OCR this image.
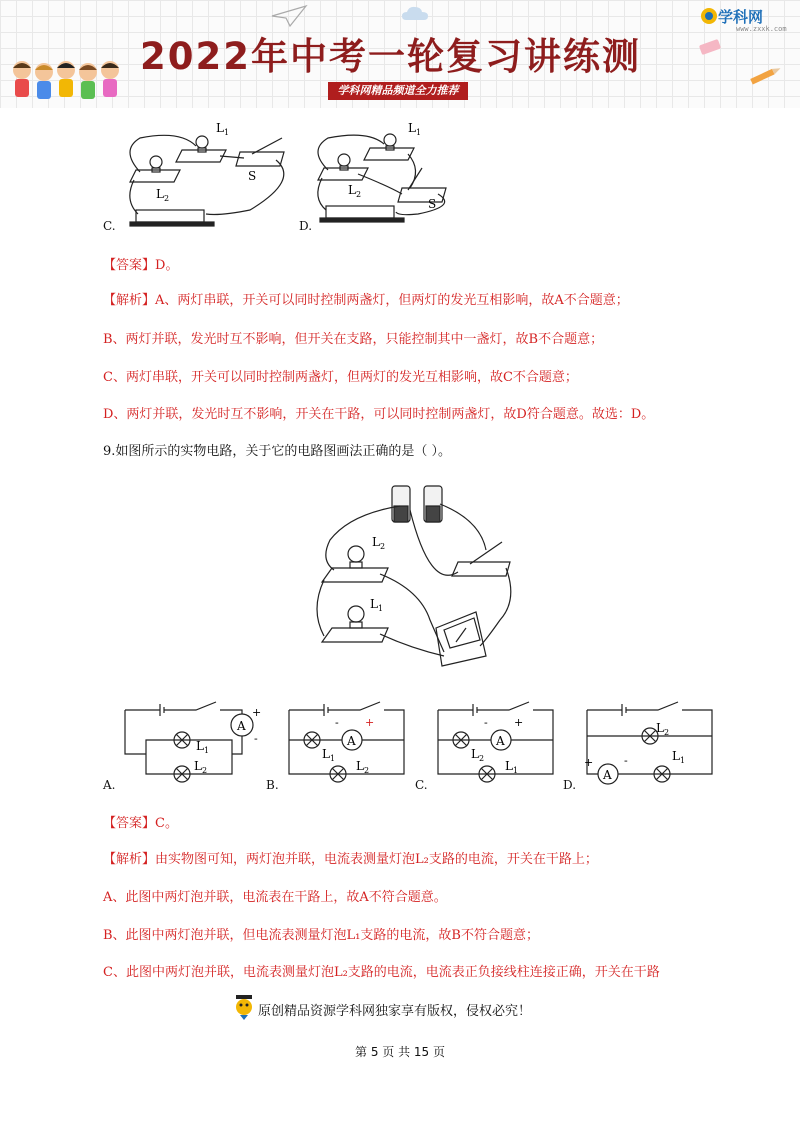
2022年中考一轮复习讲练测
学科网精品频道全力推荐
学科网
www.zxxk.com
L 1
L 2
S
L 1
L 2
S
C.	D.
【答案】D。
【解析】A、两灯串联，开关可以同时控制两盏灯，但两灯的发光互相影响，故A不合题意；
B、两灯并联，发光时互不影响，但开关在支路，只能控制其中一盏灯，故B不合题意；
C、两灯串联，开关可以同时控制两盏灯，但两灯的发光互相影响，故C不合题意；
D、两灯并联，发光时互不影响，开关在干路，可以同时控制两盏灯，故D符合题意。故选：D。
9.如图所示的实物电路，关于它的电路图画法正确的是（ ）。
L 2
L 1
A
+
-
L 1
L 2
A
- +
L 1
L 2
A
- +
L 2
L 1
L 2
A
+	-	L 1
A.	B.	C.	D.
【答案】C。
【解析】由实物图可知，两灯泡并联，电流表测量灯泡L₂支路的电流，开关在干路上；
A、此图中两灯泡并联，电流表在干路上，故A不符合题意。
B、此图中两灯泡并联，但电流表测量灯泡L₁支路的电流，故B不符合题意；
C、此图中两灯泡并联，电流表测量灯泡L₂支路的电流，电流表正负接线柱连接正确，开关在干路
原创精品资源学科网独家享有版权，侵权必究！
第 5 页 共 15 页
